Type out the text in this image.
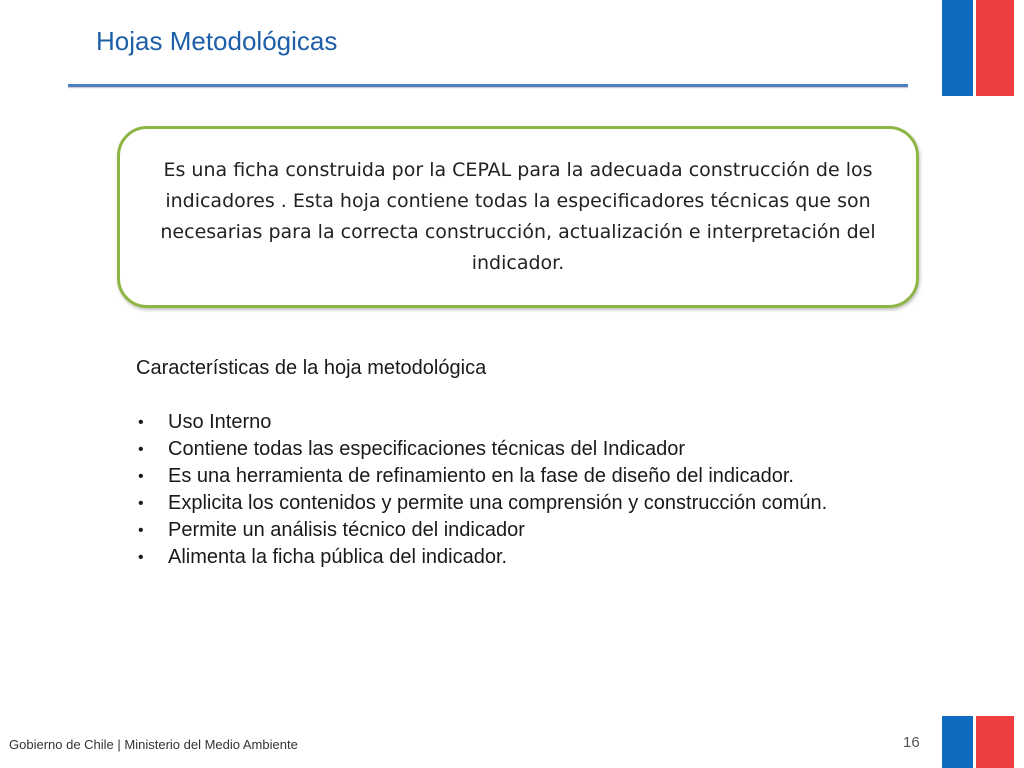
Hojas Metodológicas
Es una ficha construida por la CEPAL para la adecuada construcción de los indicadores . Esta hoja contiene todas la especificadores técnicas que son necesarias para la correcta construcción, actualización e interpretación del indicador.
Características de la hoja metodológica
• Uso Interno
• Contiene todas las especificaciones técnicas del Indicador
• Es una herramienta de refinamiento en la fase de diseño del indicador.
• Explicita los contenidos y permite una comprensión y construcción común.
• Permite un análisis técnico del indicador
• Alimenta la ficha pública del indicador.
Gobierno de Chile | Ministerio del Medio Ambiente	16
